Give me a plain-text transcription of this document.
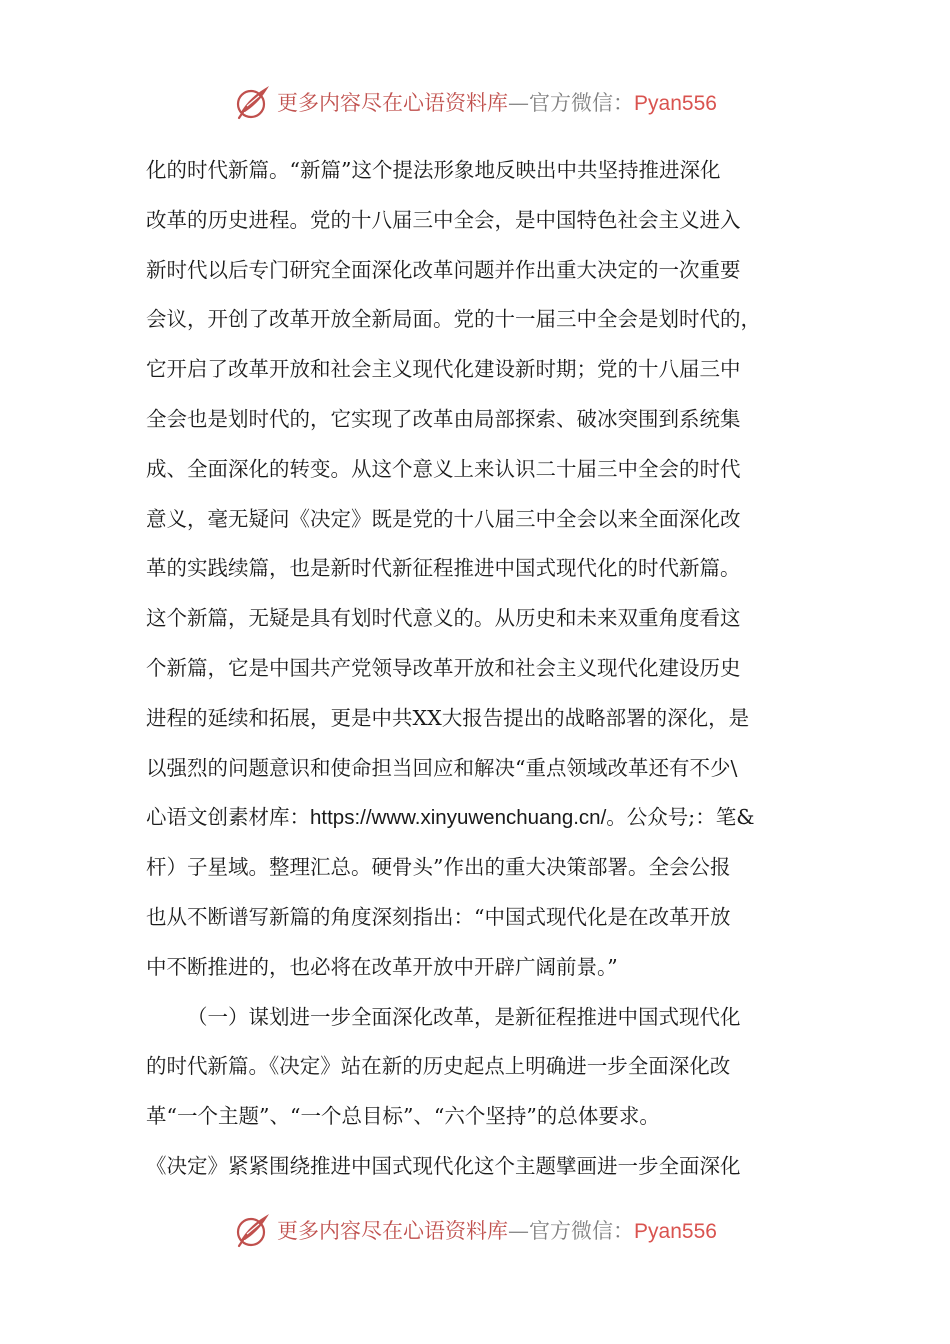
更多内容尽在心语资料库—官方微信：Pyan556
化的时代新篇。“新篇”这个提法形象地反映出中共坚持推进深化
改革的历史进程。党的十八届三中全会，是中国特色社会主义进入
新时代以后专门研究全面深化改革问题并作出重大决定的一次重要
会议，开创了改革开放全新局面。党的十一届三中全会是划时代的，
它开启了改革开放和社会主义现代化建设新时期；党的十八届三中
全会也是划时代的，它实现了改革由局部探索、破冰突围到系统集
成、全面深化的转变。从这个意义上来认识二十届三中全会的时代
意义，毫无疑问《决定》既是党的十八届三中全会以来全面深化改
革的实践续篇，也是新时代新征程推进中国式现代化的时代新篇。
这个新篇，无疑是具有划时代意义的。从历史和未来双重角度看这
个新篇，它是中国共产党领导改革开放和社会主义现代化建设历史
进程的延续和拓展，更是中共XX大报告提出的战略部署的深化，是
以强烈的问题意识和使命担当回应和解决“重点领域改革还有不少\
心语文创素材库：https://www.xinyuwenchuang.cn/。公众号;：笔&
杆）子星域。整理汇总。硬骨头”作出的重大决策部署。全会公报
也从不断谱写新篇的角度深刻指出：“中国式现代化是在改革开放
中不断推进的，也必将在改革开放中开辟广阔前景。”
（一）谋划进一步全面深化改革，是新征程推进中国式现代化
的时代新篇。《决定》站在新的历史起点上明确进一步全面深化改
革“一个主题”、“一个总目标”、“六个坚持”的总体要求。
《决定》紧紧围绕推进中国式现代化这个主题擘画进一步全面深化
更多内容尽在心语资料库—官方微信：Pyan556
